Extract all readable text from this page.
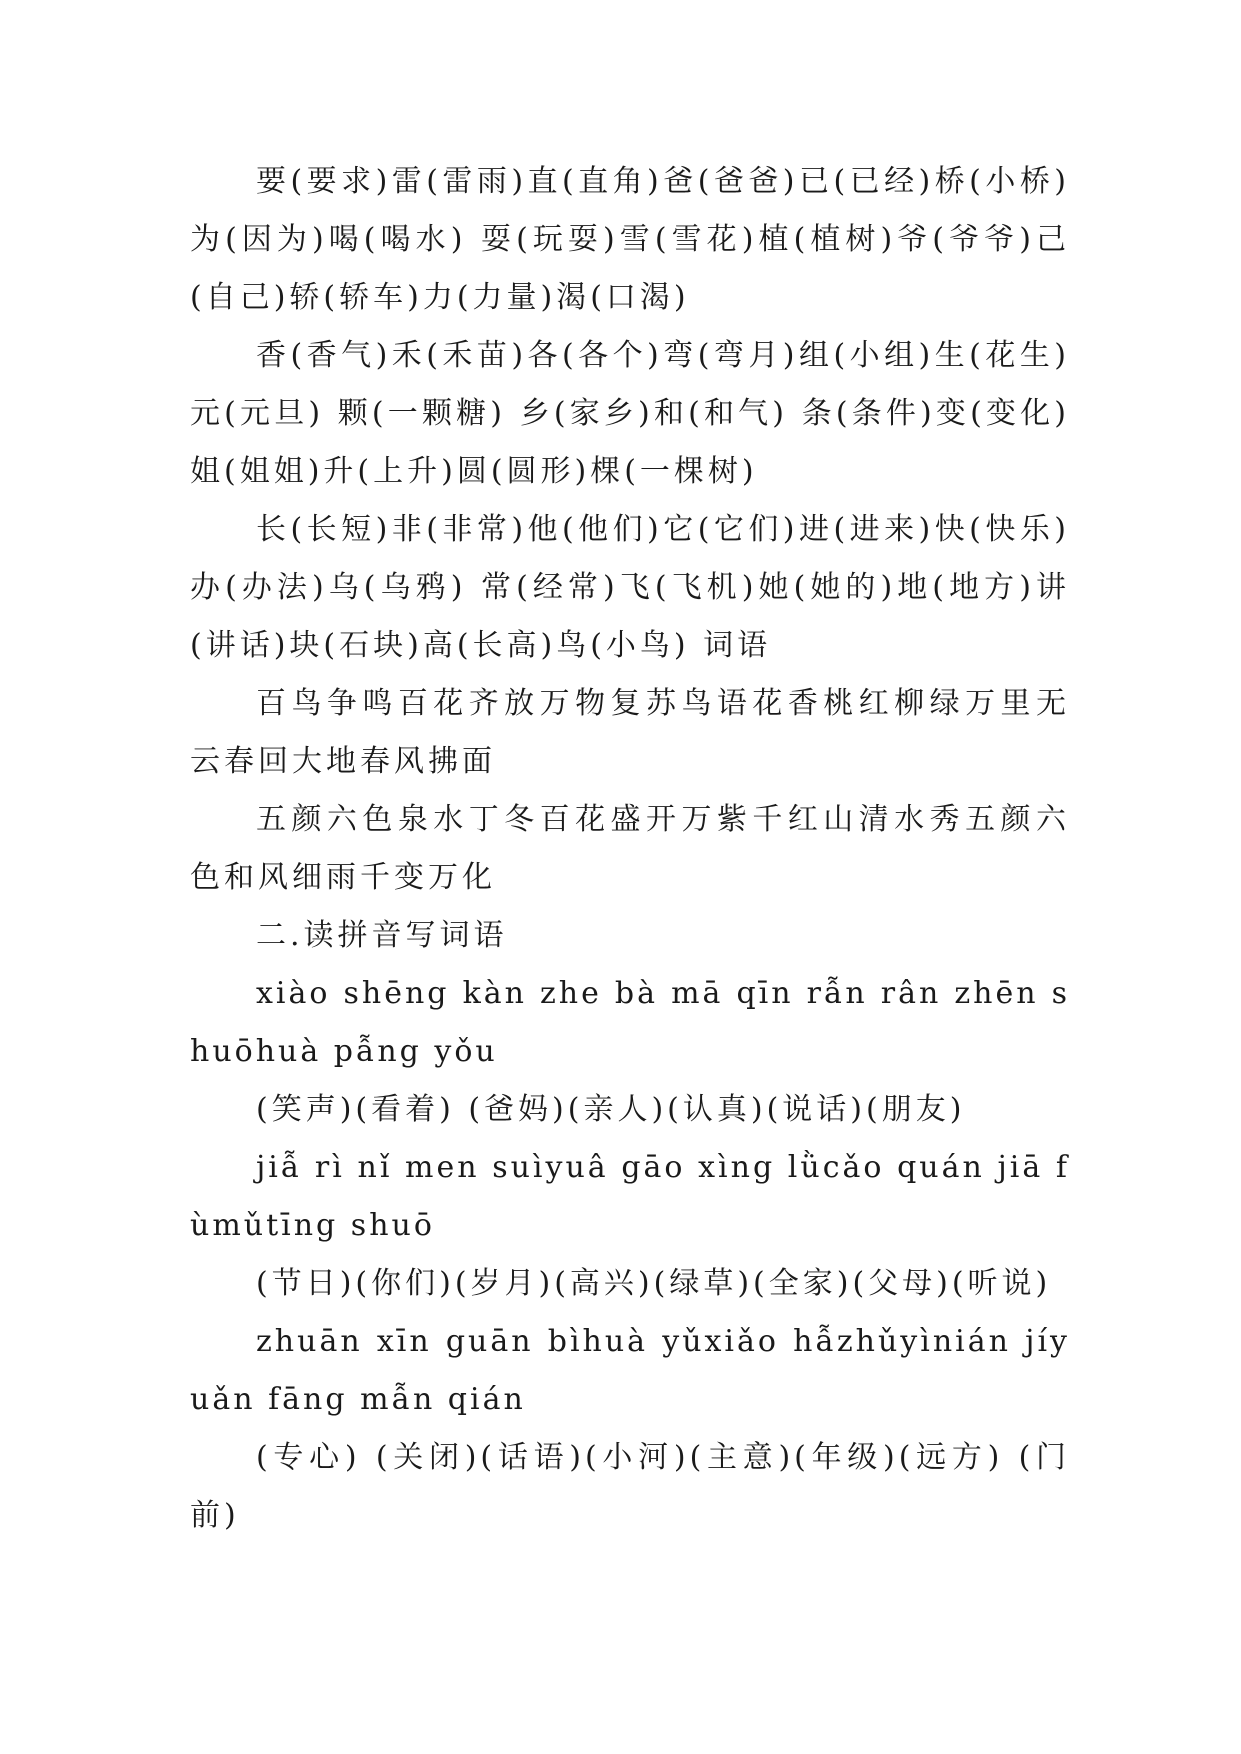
要(要求)雷(雷雨)直(直角)爸(爸爸)已(已经)桥(小桥)为(因为)喝(喝水) 耍(玩耍)雪(雪花)植(植树)爷(爷爷)己(自己)轿(轿车)力(力量)渴(口渴)

香(香气)禾(禾苗)各(各个)弯(弯月)组(小组)生(花生)元(元旦) 颗(一颗糖) 乡(家乡)和(和气) 条(条件)变(变化)姐(姐姐)升(上升)圆(圆形)棵(一棵树)

长(长短)非(非常)他(他们)它(它们)进(进来)快(快乐)办(办法)乌(乌鸦) 常(经常)飞(飞机)她(她的)地(地方)讲(讲话)块(石块)高(长高)鸟(小鸟) 词语

百鸟争鸣百花齐放万物复苏鸟语花香桃红柳绿万里无云春回大地春风拂面

五颜六色泉水丁冬百花盛开万紫千红山清水秀五颜六色和风细雨千变万化

二.读拼音写词语

xiào shēng kàn zhe bà mā qīn rẫn rân zhēn shuōhuà pẫng yǒu

(笑声)(看着) (爸妈)(亲人)(认真)(说话)(朋友)

jiẫ rì nǐ men suìyuâ gāo xìng lǜcǎo quán jiā fùmǔtīng shuō

(节日)(你们)(岁月)(高兴)(绿草)(全家)(父母)(听说)

zhuān xīn guān bìhuà yǔxiǎo hẫzhǔyìnián jíyuǎn fāng mẫn qián

(专心) (关闭)(话语)(小河)(主意)(年级)(远方) (门前)
